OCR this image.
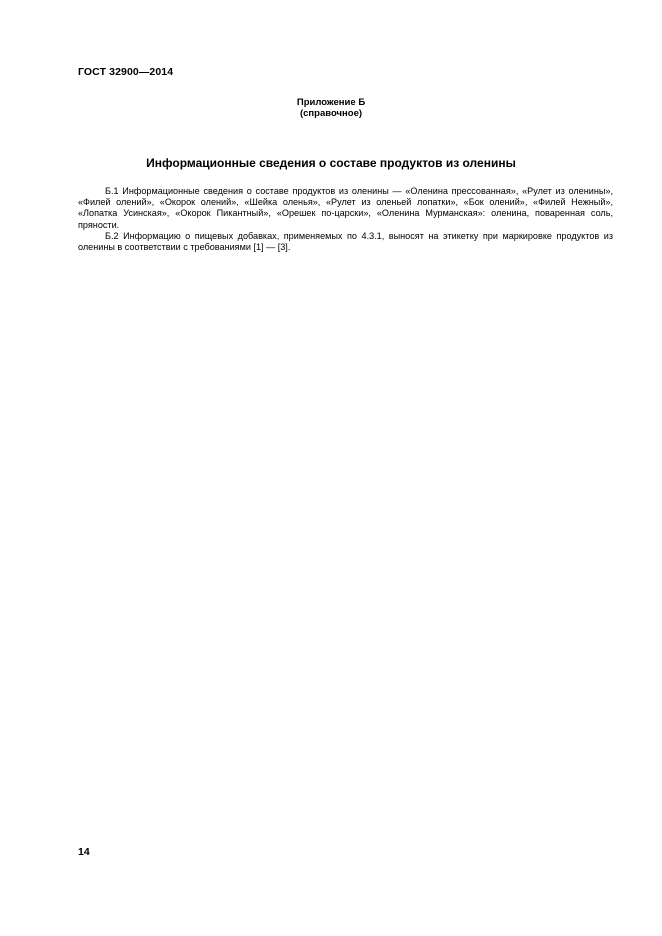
ГОСТ 32900—2014
Приложение Б
(справочное)
Информационные сведения о составе продуктов из оленины

Б.1 Информационные сведения о составе продуктов из оленины — «Оленина прессованная», «Рулет из оленины», «Филей олений», «Окорок олений», «Шейка оленья», «Рулет из оленьей лопатки», «Бок олений», «Филей Нежный», «Лопатка Усинская», «Окорок Пикантный», «Орешек по-царски», «Оленина Мурманская»: оленина, поваренная соль, пряности.

Б.2 Информацию о пищевых добавках, применяемых по 4.3.1, выносят на этикетку при маркировке продуктов из оленины в соответствии с требованиями [1] — [3].

14
